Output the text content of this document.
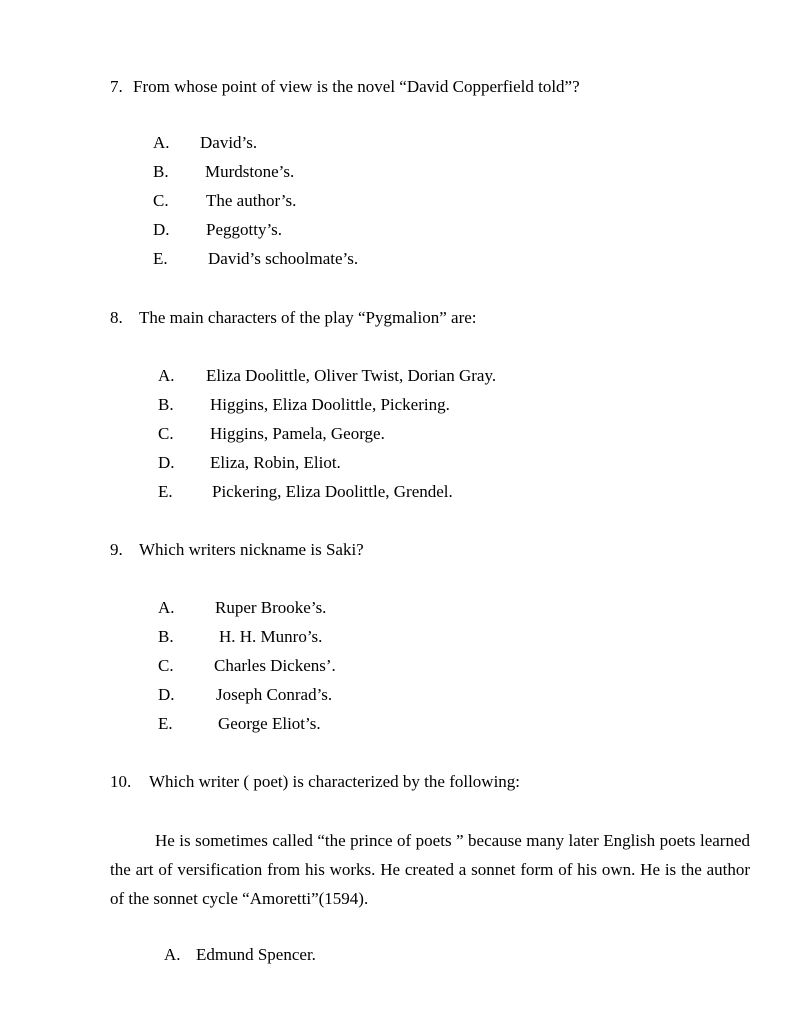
7. From whose point of view is the novel “David Copperfield told”?
A. David’s.
B. Murdstone’s.
C. The author’s.
D. Peggotty’s.
E. David’s schoolmate’s.
8. The main characters of the play “Pygmalion” are:
A. Eliza Doolittle, Oliver Twist, Dorian Gray.
B. Higgins, Eliza Doolittle, Pickering.
C. Higgins, Pamela, George.
D. Eliza, Robin, Eliot.
E. Pickering, Eliza Doolittle, Grendel.
9. Which writers nickname is Saki?
A. Ruper Brooke’s.
B.	H. H. Munro’s.
C. Charles Dickens’.
D. Joseph Conrad’s.
E.	George Eliot’s.
10. Which writer ( poet) is characterized by the following:
He is sometimes called “the prince of poets ” because many later English poets learned the art of versification from his works. He created a sonnet form of his own. He is the author of the sonnet cycle “Amoretti”(1594).
A. Edmund Spencer.
